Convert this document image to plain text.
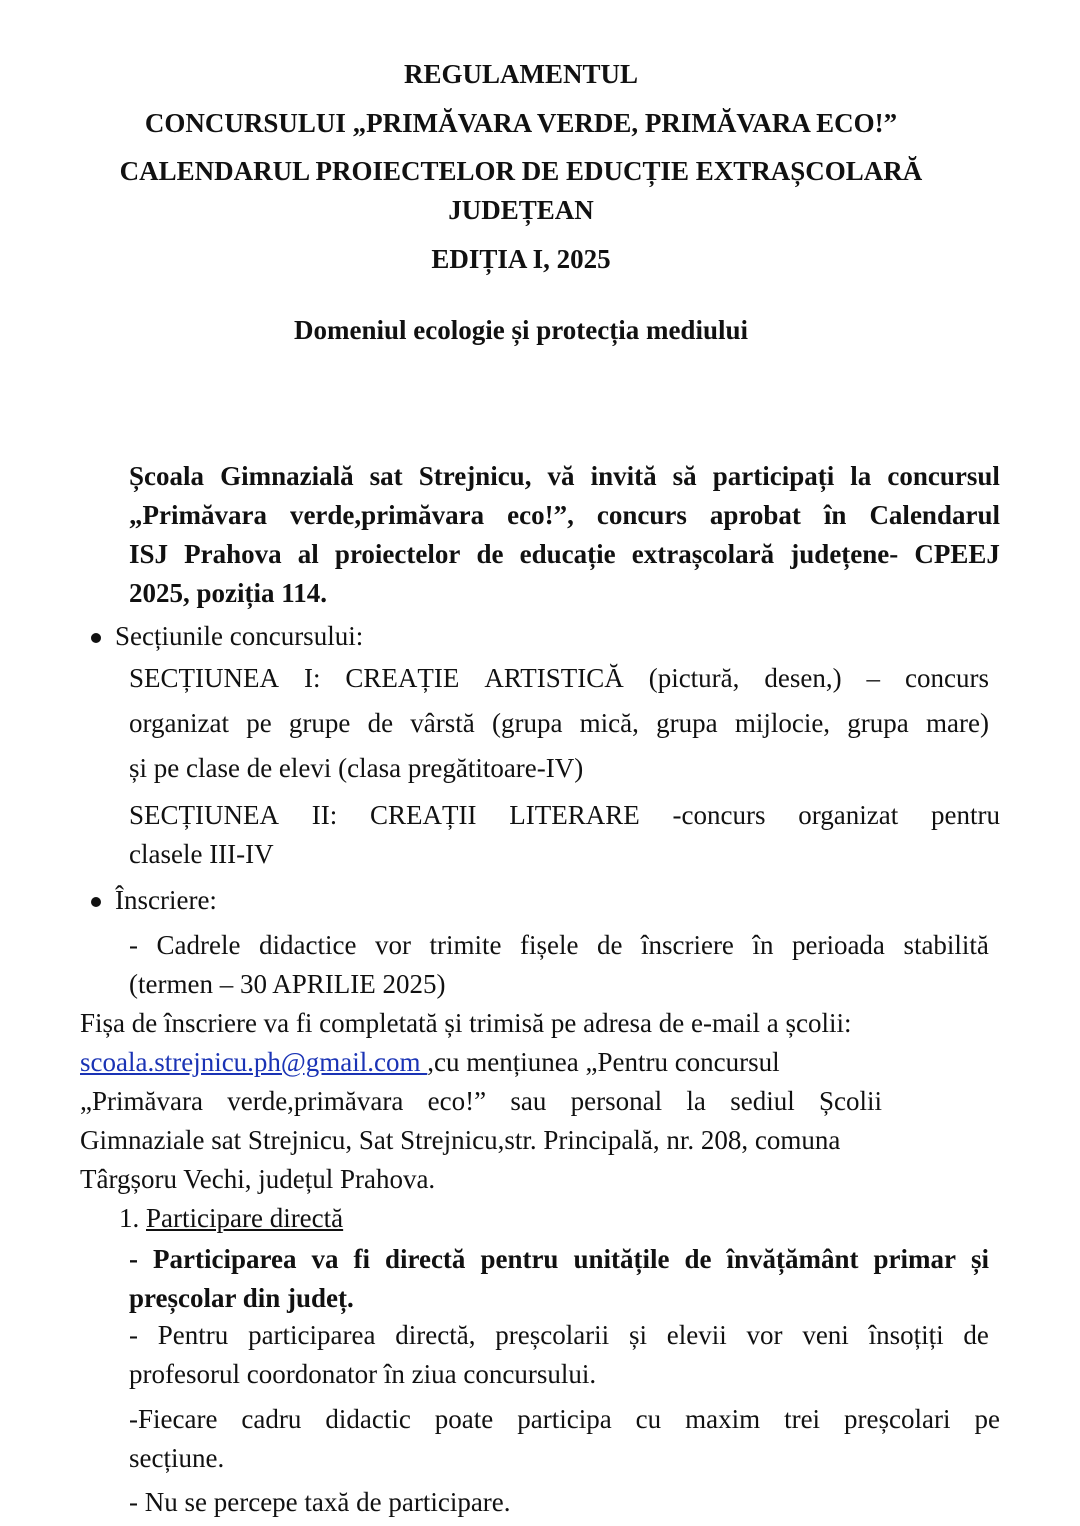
REGULAMENTUL
CONCURSULUI „PRIMĂVARA VERDE, PRIMĂVARA ECO!”
CALENDARUL PROIECTELOR DE EDUCȚIE EXTRAȘCOLARĂ
JUDEȚEAN
EDIȚIA I, 2025
Domeniul ecologie și protecția mediului
Școala Gimnazială sat Strejnicu, vă invită să participați la concursul
„Primăvara verde,primăvara eco!”, concurs aprobat în Calendarul
ISJ Prahova al proiectelor de educație extrașcolară județene- CPEEJ
2025, poziția 114.
Secțiunile concursului:
SECȚIUNEA I: CREAȚIE ARTISTICĂ (pictură, desen,) – concurs
organizat pe grupe de vârstă (grupa mică, grupa mijlocie, grupa mare)
și pe clase de elevi (clasa pregătitoare-IV)
SECȚIUNEA II: CREAȚII LITERARE -concurs organizat pentru
clasele III-IV
Înscriere:
- Cadrele didactice vor trimite fișele de înscriere în perioada stabilită
(termen – 30 APRILIE 2025)
Fișa de înscriere va fi completată și trimisă pe adresa de e-mail a școlii:
scoala.strejnicu.ph@gmail.com ,cu mențiunea „Pentru concursul
„Primăvara verde,primăvara eco!” sau personal la sediul Școlii
Gimnaziale sat Strejnicu, Sat Strejnicu,str. Principală, nr. 208, comuna
Târgșoru Vechi, județul Prahova.
1. Participare directă
- Participarea va fi directă pentru unitățile de învățământ primar și
preșcolar din județ.
- Pentru participarea directă, preșcolarii și elevii vor veni însoțiți de
profesorul coordonator în ziua concursului.
-Fiecare cadru didactic poate participa cu maxim trei preșcolari pe
secțiune.
- Nu se percepe taxă de participare.
